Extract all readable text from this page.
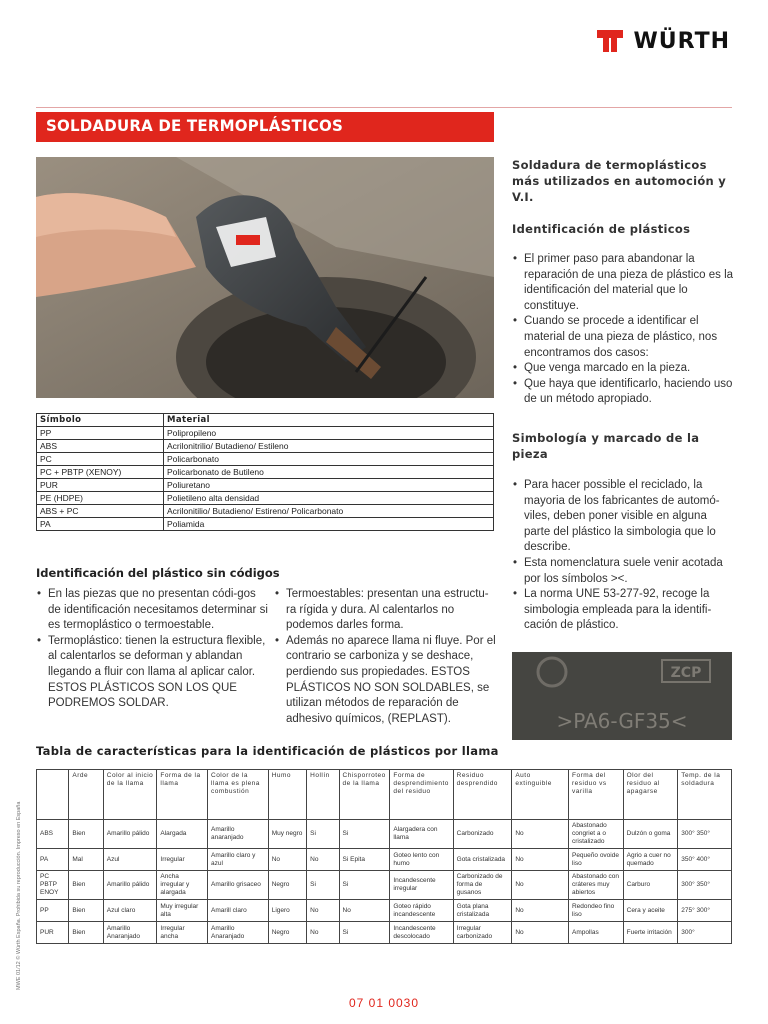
WÜRTH
SOLDADURA DE TERMOPLÁSTICOS
Símbolo	Material
PP	Polipropileno
ABS	Acrilonitrilio/ Butadieno/ Estileno
PC	Policarbonato
PC + PBTP (XENOY)	Policarbonato de Butileno
PUR	Poliuretano
PE (HDPE)	Polietileno alta densidad
ABS + PC	Acrilonitilio/ Butadieno/ Estireno/ Policarbonato
PA	Poliamida
Identificación del plástico sin códigos
• En las piezas que no presentan códi-gos de identificación necesitamos determinar si es termoplástico o termoestable.
• Termoplástico: tienen la estructura flexible, al calentarlos se deforman y ablandan llegando a fluir con llama al aplicar calor. ESTOS PLÁSTICOS SON LOS QUE PODREMOS SOLDAR.
• Termoestables: presentan una estructu-ra rígida y dura. Al calentarlos no podemos darles forma.
• Además no aparece llama ni fluye. Por el contrario se carboniza y se deshace, perdiendo sus propiedades. ESTOS PLÁSTICOS NO SON SOLDABLES, se utilizan métodos de reparación de adhesivo químicos, (REPLAST).
Soldadura de termoplásticos más utilizados en automoción y V.I.
Identificación de plásticos
• El primer paso para abandonar la reparación de una pieza de plástico es la identificación del material que lo constituye.
• Cuando se procede a identificar el material de una pieza de plástico, nos encontramos dos casos:
• Que venga marcado en la pieza.
• Que haya que identificarlo, haciendo uso de un método apropiado.
Simbología y marcado de la pieza
• Para hacer possible el reciclado, la mayoria de los fabricantes de automó-viles, deben poner visible en alguna parte del plástico la simbologia que lo describe.
• Esta nomenclatura suele venir acotada por los símbolos ><.
• La norma UNE 53-277-92, recoge la simbologia empleada para la identifi-cación de plástico.
ZCP
>PA6-GF35<
Tabla de características para la identificación de plásticos por llama
	Arde	Color al inicio de la llama	Forma de la llama	Color de la llama es plena combustión	Humo	Hollín	Chisporroteo de la llama	Forma de desprendimiento del residuo	Residuo desprendido	Auto extinguible	Forma del residuo vs varilla	Olor del residuo al apagarse	Temp. de la soldadura
ABS	Bien	Amarillo pálido	Alargada	Amarillo anaranjado	Muy negro	Si	Si	Alargadera con llama	Carbonizado	No	Abastonado congriet a o cristalizado	Dulzón o goma	300° 350°
PA	Mal	Azul	Irregular	Amarillo claro y azul	No	No	Si Epita	Goteo lento con humo	Gota cristalizada	No	Pequeño ovoide liso	Agrio a cuer no quemado	350° 400°
PC PBTP ENOY	Bien	Amarillo pálido	Ancha irregular y alargada	Amarillo grisaceo	Negro	Si	Si	Incandescente irregular	Carbonizado de forma de gusanos	No	Abastonado con cráteres muy abiertos	Carburo	300° 350°
PP	Bien	Azul claro	Muy irregular alta	Amarill claro	Ligero	No	No	Goteo rápido incandescente	Gota plana cristalizada	No	Redondeo fino liso	Cera y aceite	275° 300°
PUR	Bien	Amarillo Anaranjado	Irregular ancha	Amarillo Anaranjado	Negro	No	Si	Incandescente descolocado	Irregular carbonizado	No	Ampollas	Fuerte irritación	300°
MWE 01/12 © Würth España. Prohibida su reproducción. Impreso en España
07 01 0030
